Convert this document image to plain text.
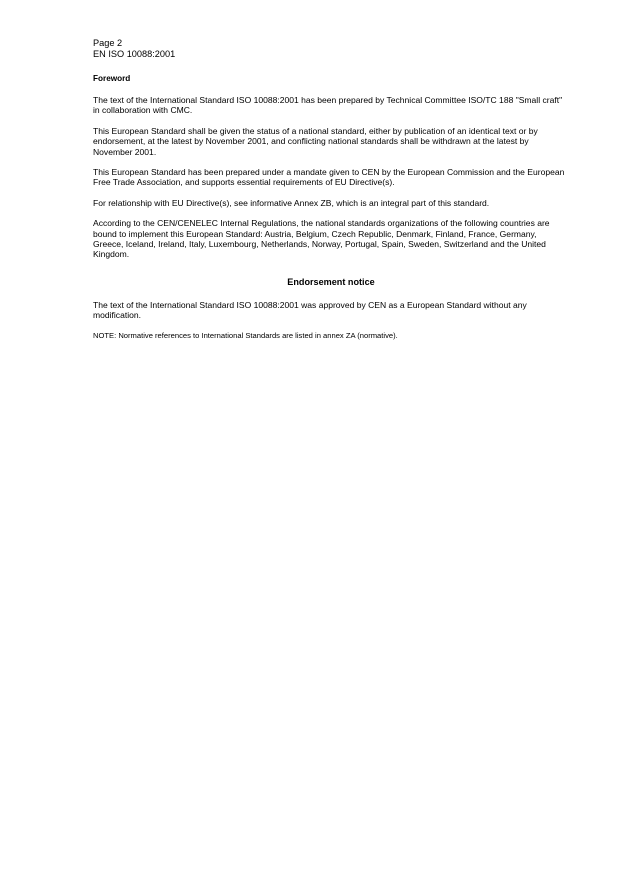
Page 2

EN ISO 10088:2001

Foreword

The text of the International Standard ISO 10088:2001 has been prepared by Technical Committee ISO/TC 188 "Small craft" in collaboration with CMC.

This European Standard shall be given the status of a national standard, either by publication of an identical text or by endorsement, at the latest by November 2001, and conflicting national standards shall be withdrawn at the latest by November 2001.

This European Standard has been prepared under a mandate given to CEN by the European Commission and the European Free Trade Association, and supports essential requirements of EU Directive(s).

For relationship with EU Directive(s), see informative Annex ZB, which is an integral part of this standard.

According to the CEN/CENELEC Internal Regulations, the national standards organizations of the following countries are bound to implement this European Standard: Austria, Belgium, Czech Republic, Denmark, Finland, France, Germany, Greece, Iceland, Ireland, Italy, Luxembourg, Netherlands, Norway, Portugal, Spain, Sweden, Switzerland and the United Kingdom.

Endorsement notice

The text of the International Standard ISO 10088:2001 was approved by CEN as a European Standard without any modification.

NOTE: Normative references to International Standards are listed in annex ZA (normative).
